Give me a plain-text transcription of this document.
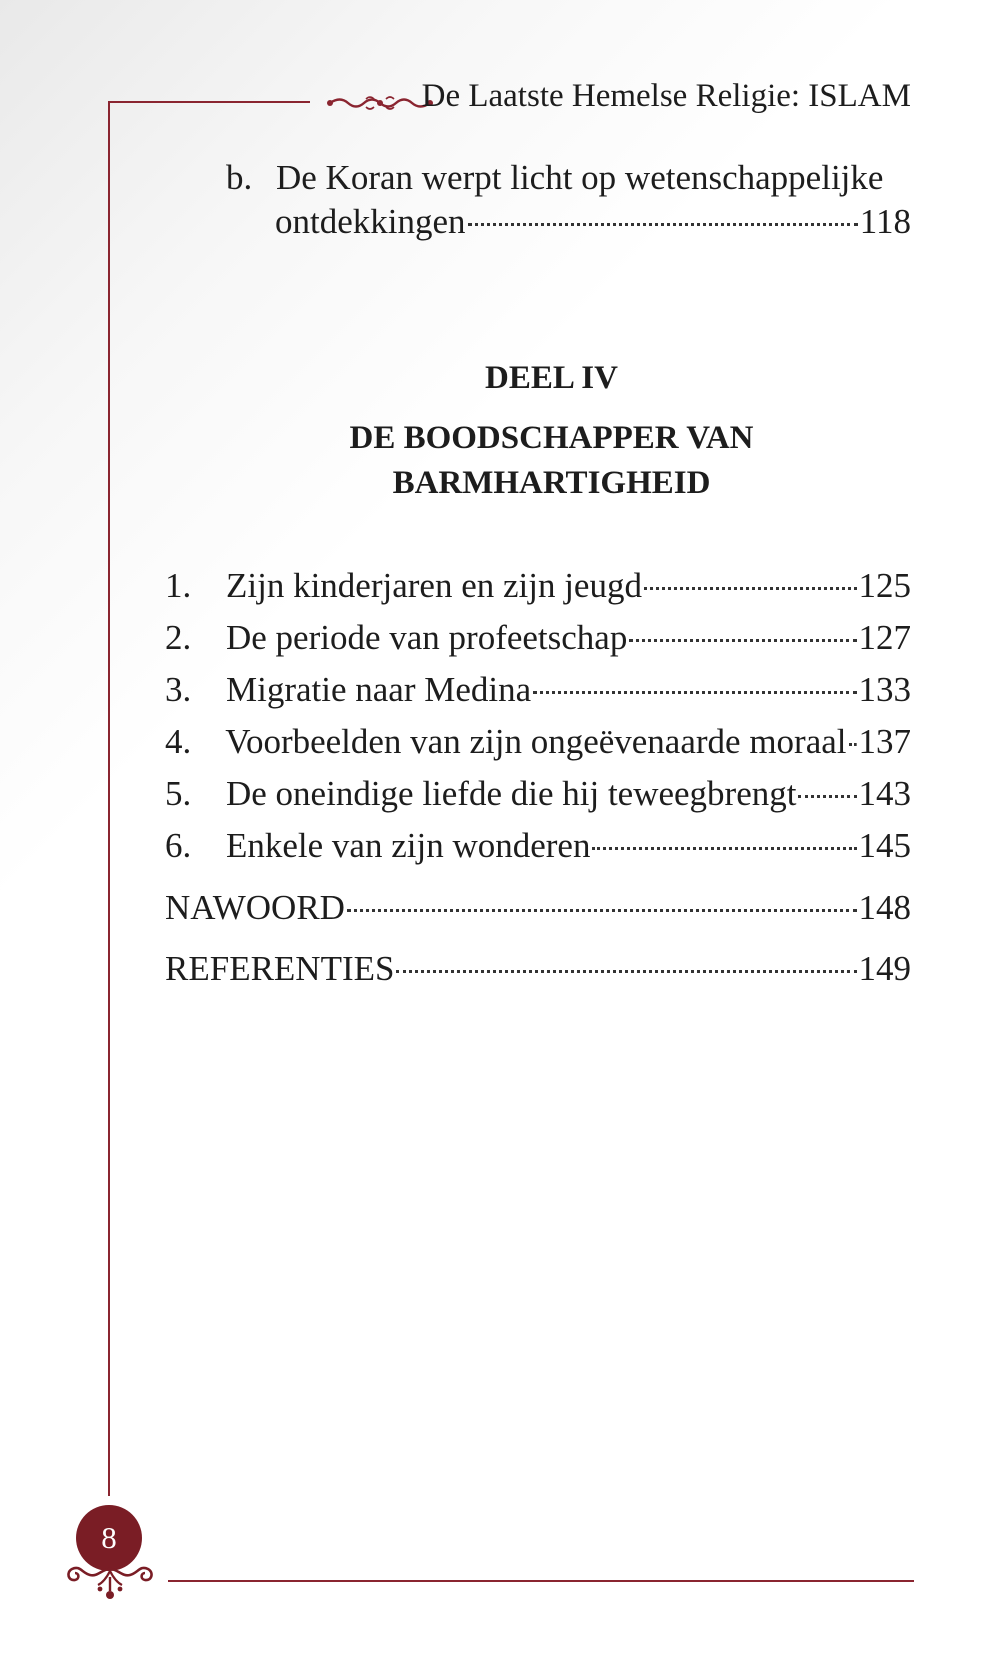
De Laatste Hemelse Religie: ISLAM
b. De Koran werpt licht op wetenschappelijke
ontdekkingen	118
DEEL IV
DE BOODSCHAPPER VAN
BARMHARTIGHEID
1. Zijn kinderjaren en zijn jeugd	125
2. De periode van profeetschap	127
3. Migratie naar Medina	133
4. Voorbeelden van zijn ongeëvenaarde moraal 137
5. De oneindige liefde die hij teweegbrengt 143
6. Enkele van zijn wonderen	145
NAWOORD	148
REFERENTIES	149
8
